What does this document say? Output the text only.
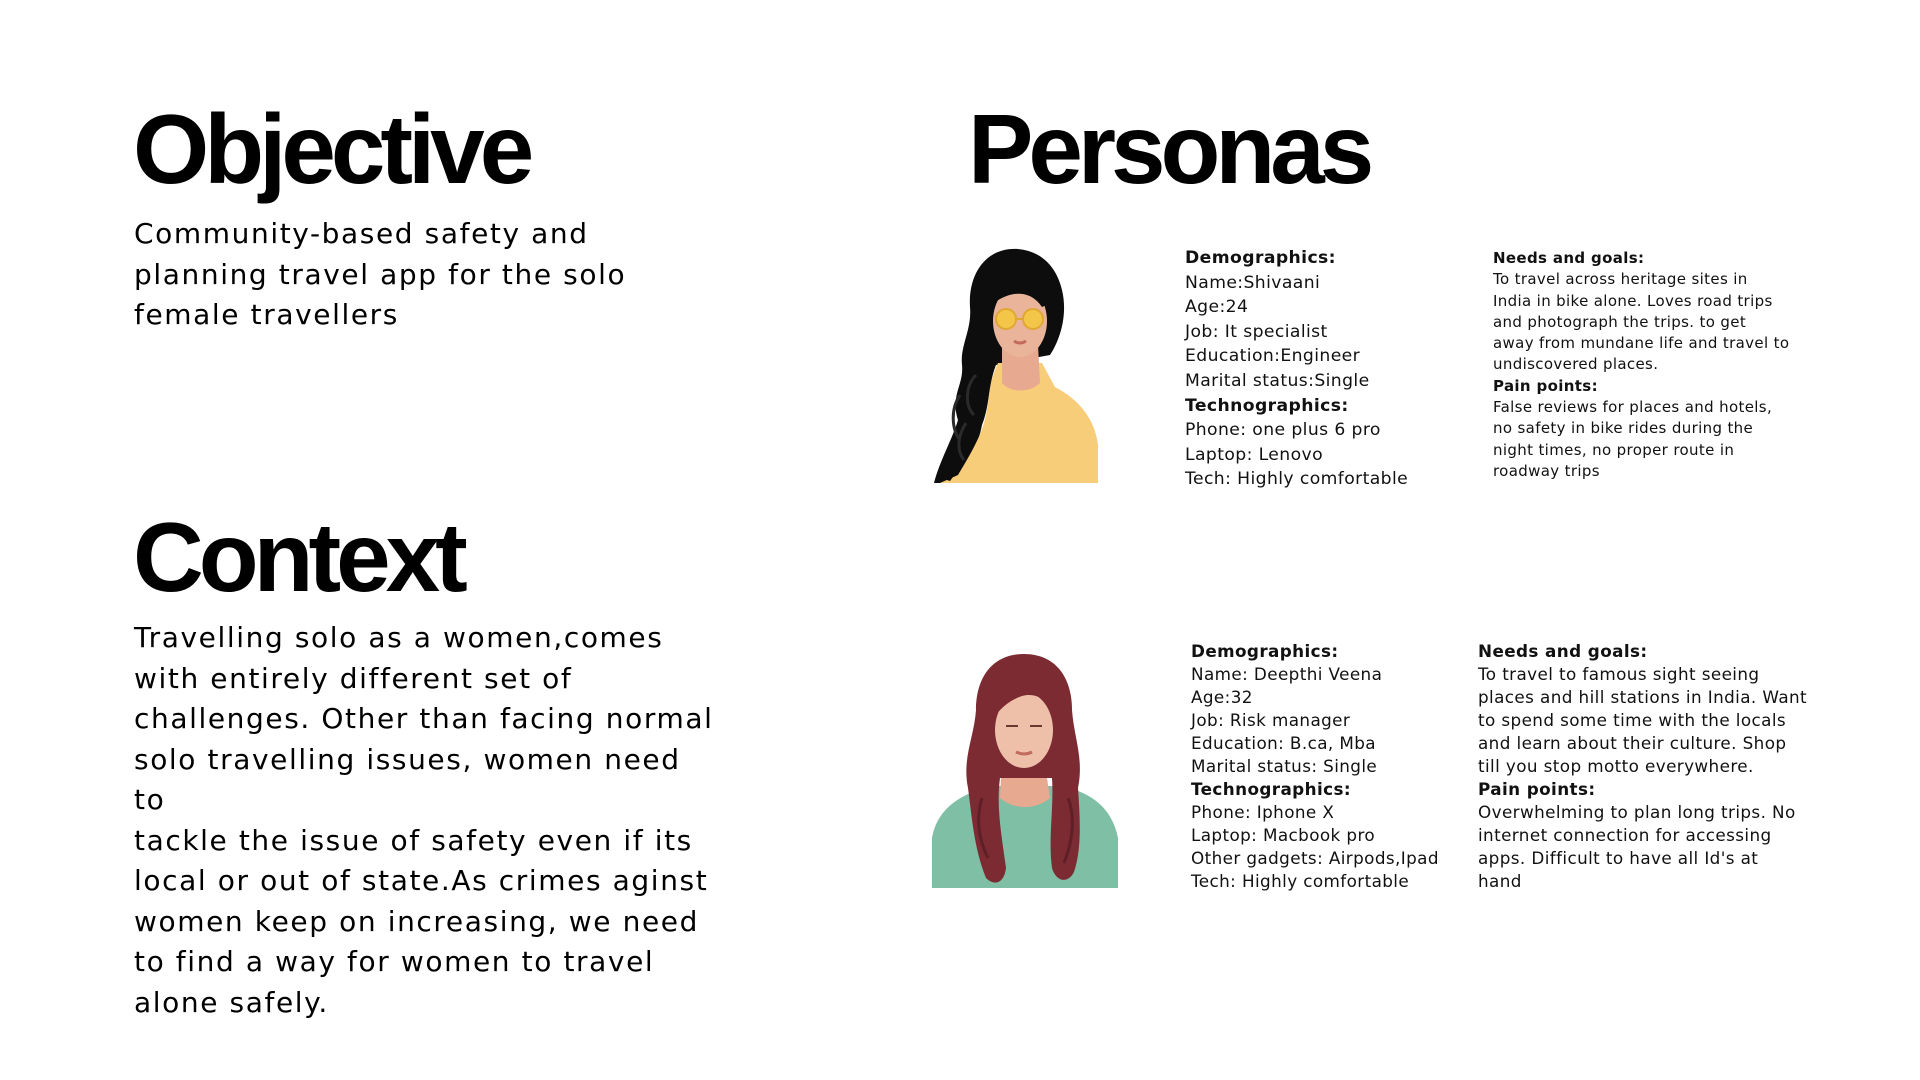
Objective
Community-based safety and
planning travel app for the solo
female travellers
Context
Travelling solo as a women,comes
with entirely different set of
challenges. Other than facing normal
solo travelling issues, women need to
tackle the issue of safety even if its
local or out of state.As crimes aginst
women keep on increasing, we need
to find a way for women to travel
alone safely.
Personas
Demographics:
Name:Shivaani
Age:24
Job: It specialist
Education:Engineer
Marital status:Single
Technographics:
Phone: one plus 6 pro
Laptop: Lenovo
Tech: Highly comfortable
Needs and goals:
To travel across heritage sites in
India in bike alone. Loves road trips
and photograph the trips. to get
away from mundane life and travel to
undiscovered places.
Pain points:
False reviews for places and hotels,
no safety in bike rides during the
night times, no proper route in
roadway trips
Demographics:
Name: Deepthi Veena
Age:32
Job: Risk manager
Education: B.ca, Mba
Marital status: Single
Technographics:
Phone: Iphone X
Laptop: Macbook pro
Other gadgets: Airpods,Ipad
Tech: Highly comfortable
Needs and goals:
To travel to famous sight seeing
places and hill stations in India. Want
to spend some time with the locals
and learn about their culture. Shop
till you stop motto everywhere.
Pain points:
Overwhelming to plan long trips. No
internet connection for accessing
apps. Difficult to have all Id's at
hand
